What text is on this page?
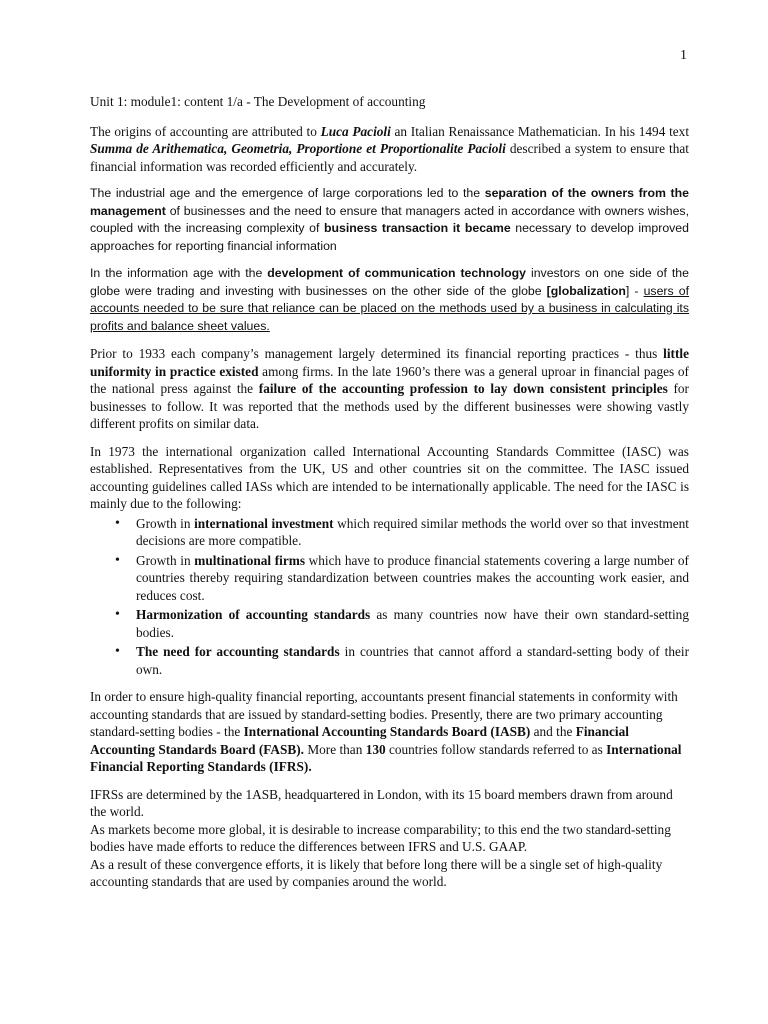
1

Unit 1: module1: content 1/a - The Development of accounting

The origins of accounting are attributed to Luca Pacioli an Italian Renaissance Mathematician. In his 1494 text Summa de Arithematica, Geometria, Proportione et Proportionalite Pacioli described a system to ensure that financial information was recorded efficiently and accurately.

The industrial age and the emergence of large corporations led to the separation of the owners from the management of businesses and the need to ensure that managers acted in accordance with owners wishes, coupled with the increasing complexity of business transaction it became necessary to develop improved approaches for reporting financial information

In the information age with the development of communication technology investors on one side of the globe were trading and investing with businesses on the other side of the globe [globalization] - users of accounts needed to be sure that reliance can be placed on the methods used by a business in calculating its profits and balance sheet values.

Prior to 1933 each company’s management largely determined its financial reporting practices - thus little uniformity in practice existed among firms. In the late 1960’s there was a general uproar in financial pages of the national press against the failure of the accounting profession to lay down consistent principles for businesses to follow. It was reported that the methods used by the different businesses were showing vastly different profits on similar data.

In 1973 the international organization called International Accounting Standards Committee (IASC) was established. Representatives from the UK, US and other countries sit on the committee. The IASC issued accounting guidelines called IASs which are intended to be internationally applicable. The need for the IASC is mainly due to the following:

• Growth in international investment which required similar methods the world over so that investment decisions are more compatible.
• Growth in multinational firms which have to produce financial statements covering a large number of countries thereby requiring standardization between countries makes the accounting work easier, and reduces cost.
• Harmonization of accounting standards as many countries now have their own standard-setting bodies.
• The need for accounting standards in countries that cannot afford a standard-setting body of their own.

In order to ensure high-quality financial reporting, accountants present financial statements in conformity with accounting standards that are issued by standard-setting bodies. Presently, there are two primary accounting standard-setting bodies - the International Accounting Standards Board (IASB) and the Financial Accounting Standards Board (FASB). More than 130 countries follow standards referred to as International Financial Reporting Standards (IFRS).

IFRSs are determined by the 1ASB, headquartered in London, with its 15 board members drawn from around the world.

As markets become more global, it is desirable to increase comparability; to this end the two standard-setting bodies have made efforts to reduce the differences between IFRS and U.S. GAAP.

As a result of these convergence efforts, it is likely that before long there will be a single set of high-quality accounting standards that are used by companies around the world.
